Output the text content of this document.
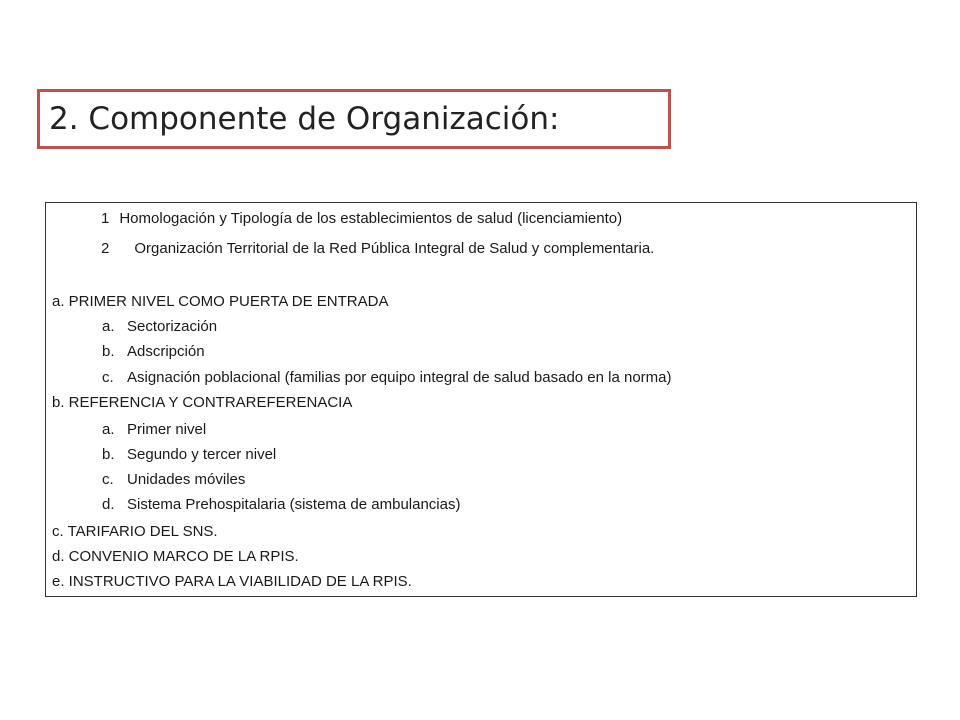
2. Componente de Organización:
1 Homologación y Tipología de los establecimientos de salud (licenciamiento)
2 Organización Territorial de la Red Pública Integral de Salud y complementaria.
a. PRIMER NIVEL COMO PUERTA DE ENTRADA
a. Sectorización
b. Adscripción
c. Asignación poblacional (familias por equipo integral de salud basado en la norma)
b. REFERENCIA Y CONTRAREFERENACIA
a. Primer nivel
b. Segundo y tercer nivel
c. Unidades móviles
d. Sistema Prehospitalaria (sistema de ambulancias)
c. TARIFARIO DEL SNS.
d. CONVENIO MARCO DE LA RPIS.
e. INSTRUCTIVO PARA LA VIABILIDAD DE LA RPIS.
